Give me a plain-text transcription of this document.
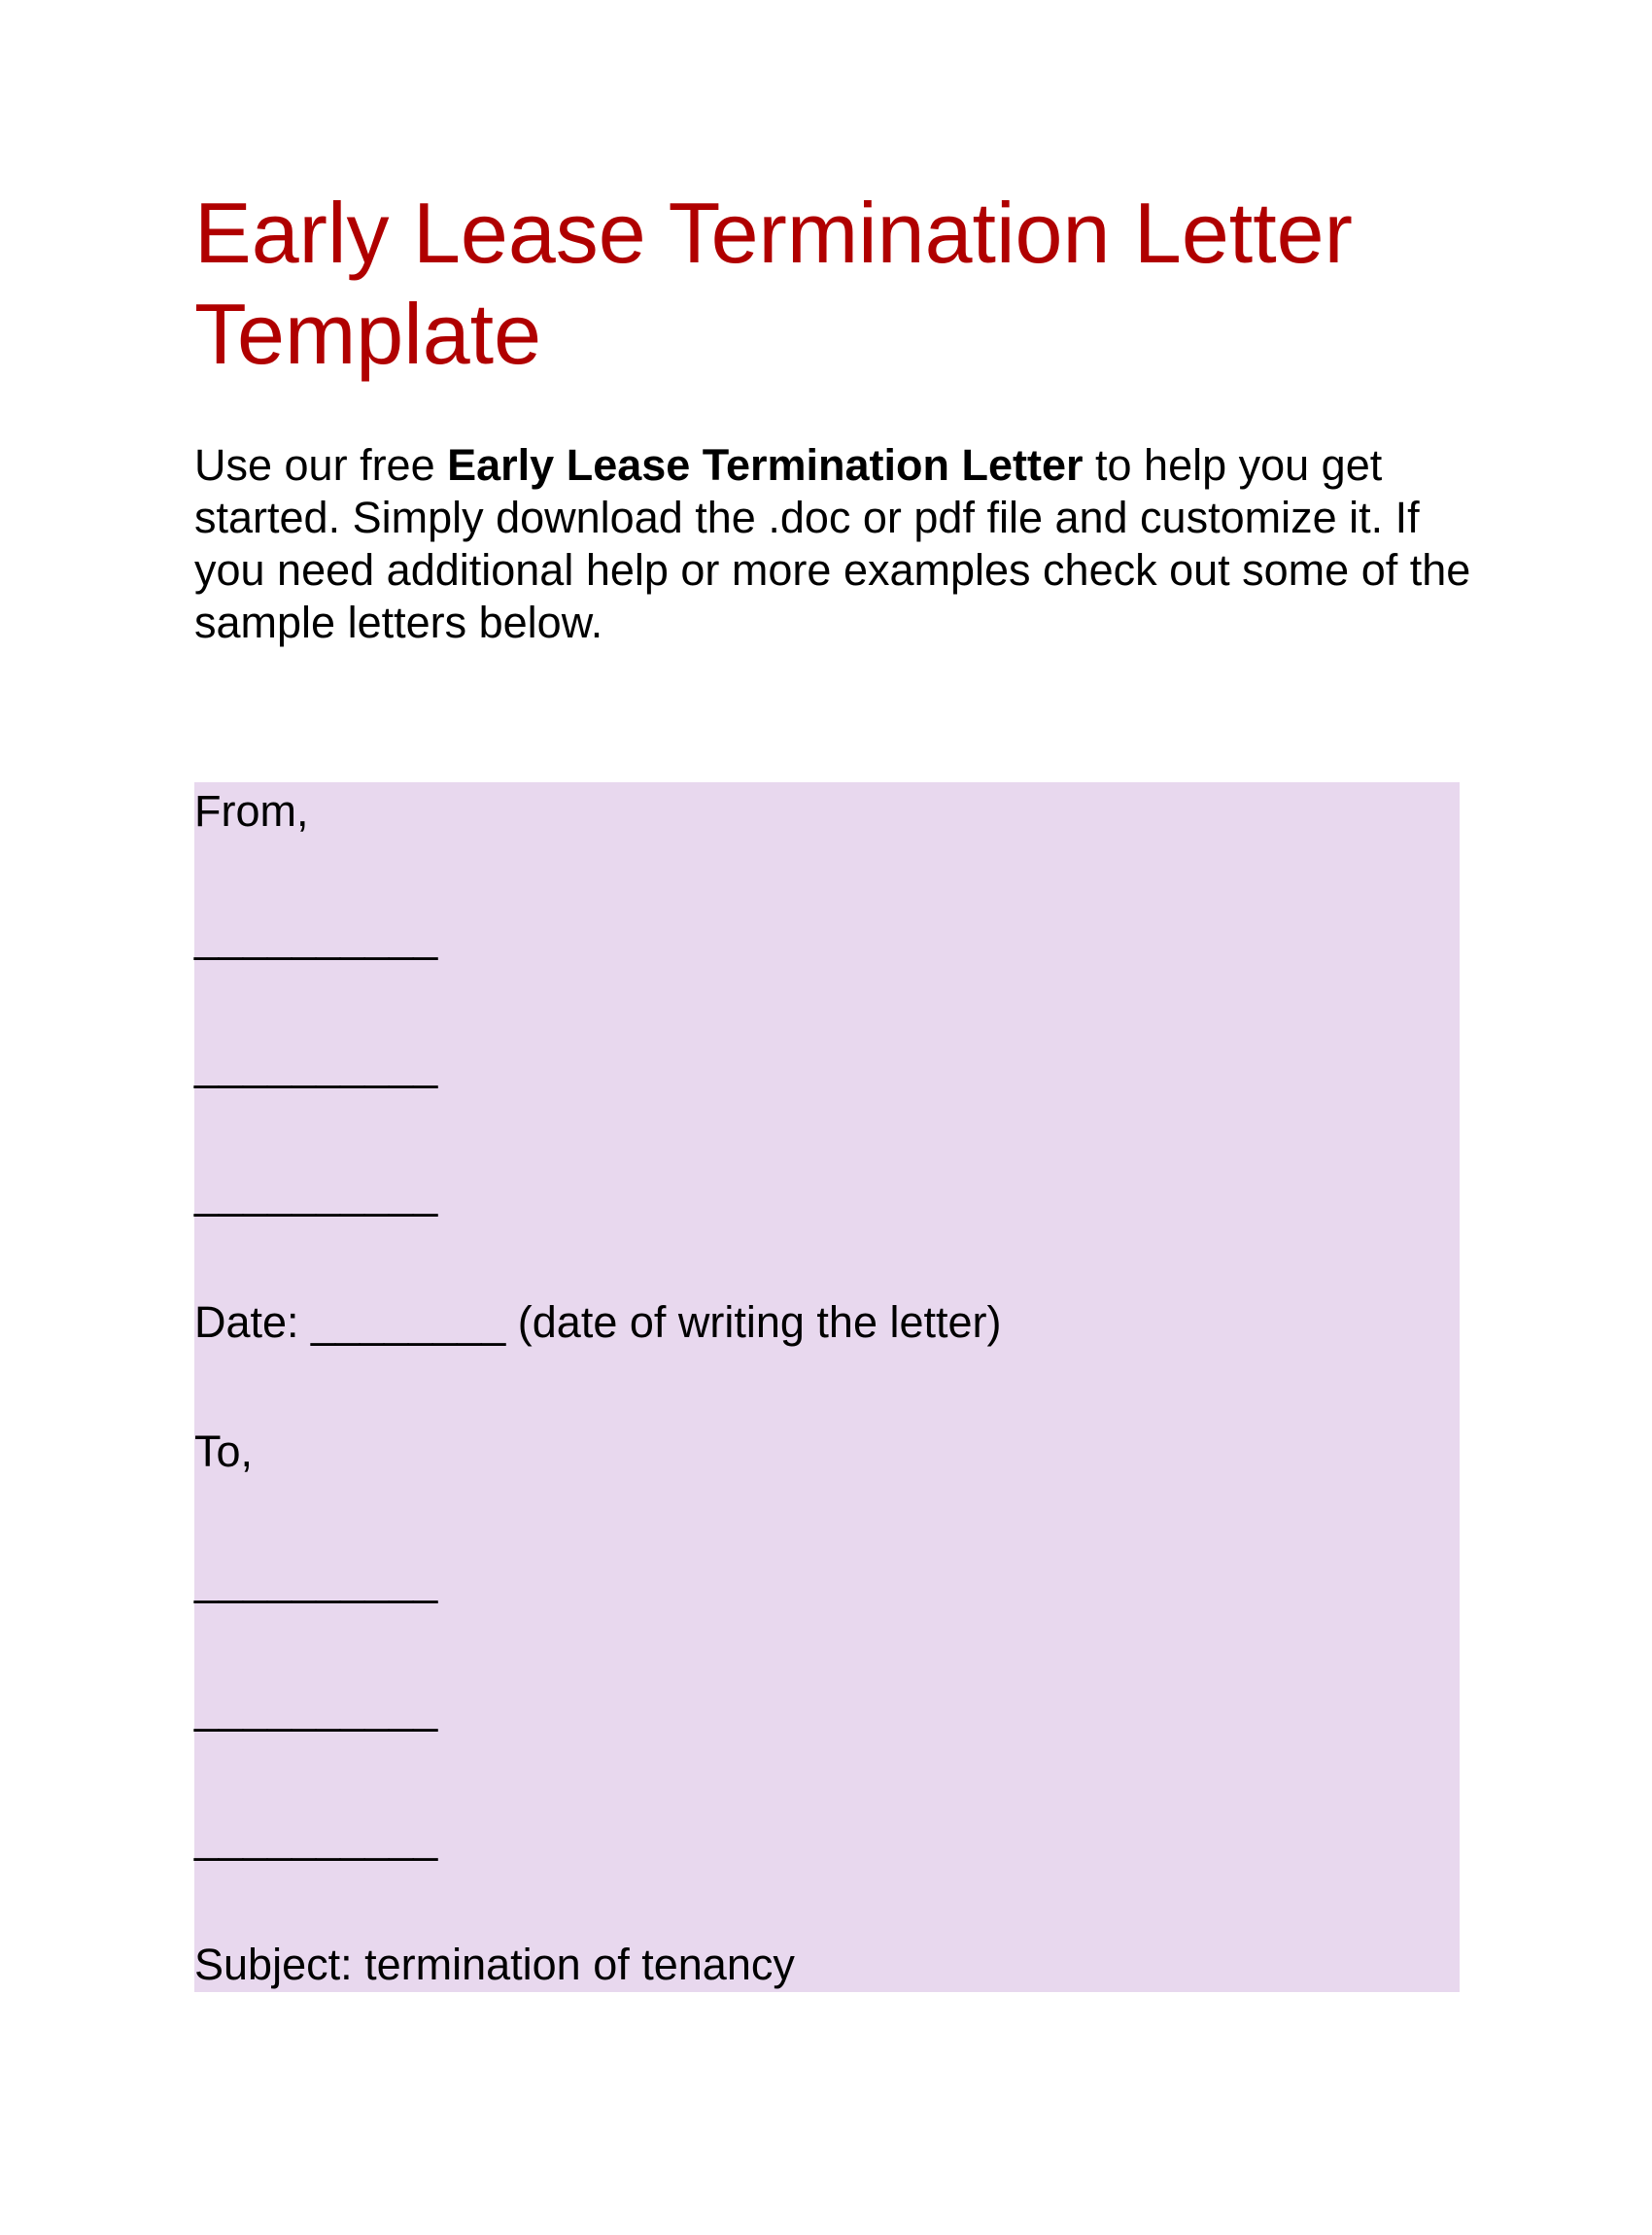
Early Lease Termination Letter Template

Use our free Early Lease Termination Letter to help you get started. Simply download the .doc or pdf file and customize it. If you need additional help or more examples check out some of the sample letters below.

From,

__________

__________

__________

Date: ________ (date of writing the letter)

To,

__________

__________

__________

Subject: termination of tenancy
